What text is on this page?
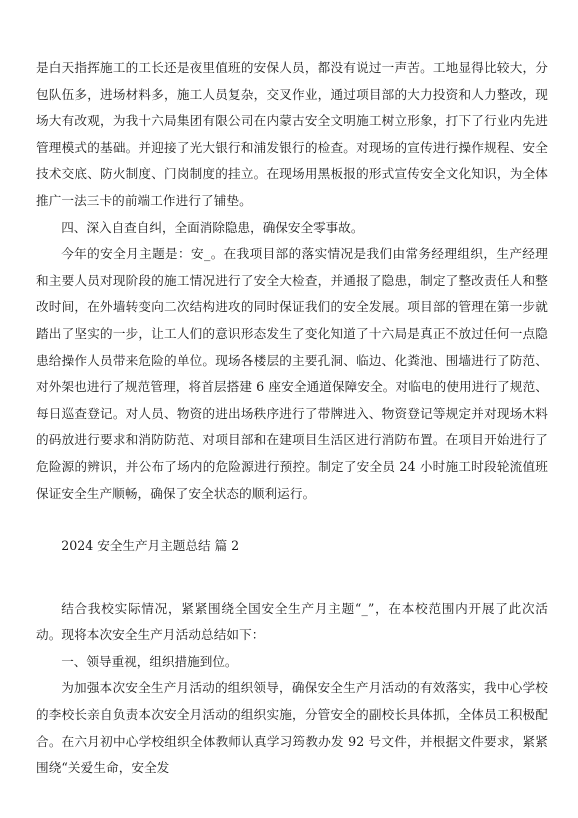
是白天指挥施工的工长还是夜里值班的安保人员，都没有说过一声苦。工地显得比较大，分包队伍多，进场材料多，施工人员复杂，交叉作业，通过项目部的大力投资和人力整改，现场大有改观，为我十六局集团有限公司在内蒙古安全文明施工树立形象，打下了行业内先进管理模式的基础。并迎接了光大银行和浦发银行的检查。对现场的宣传进行操作规程、安全技术交底、防火制度、门岗制度的挂立。在现场用黑板报的形式宣传安全文化知识，为全体推广一法三卡的前端工作进行了铺垫。

四、深入自查自纠，全面消除隐患，确保安全零事故。

今年的安全月主题是：安_。在我项目部的落实情况是我们由常务经理组织，生产经理和主要人员对现阶段的施工情况进行了安全大检查，并通报了隐患，制定了整改责任人和整改时间，在外墙转变向二次结构进攻的同时保证我们的安全发展。项目部的管理在第一步就踏出了坚实的一步，让工人们的意识形态发生了变化知道了十六局是真正不放过任何一点隐患给操作人员带来危险的单位。现场各楼层的主要孔洞、临边、化粪池、围墙进行了防范、对外架也进行了规范管理，将首层搭建 6 座安全通道保障安全。对临电的使用进行了规范、每日巡查登记。对人员、物资的进出场秩序进行了带牌进入、物资登记等规定并对现场木料的码放进行要求和消防防范、对项目部和在建项目生活区进行消防布置。在项目开始进行了危险源的辨识，并公布了场内的危险源进行预控。制定了安全员 24 小时施工时段轮流值班保证安全生产顺畅，确保了安全状态的顺利运行。

2024 安全生产月主题总结 篇 2

结合我校实际情况，紧紧围绕全国安全生产月主题“_”，在本校范围内开展了此次活动。现将本次安全生产月活动总结如下：

一、领导重视，组织措施到位。

为加强本次安全生产月活动的组织领导，确保安全生产月活动的有效落实，我中心学校的李校长亲自负责本次安全月活动的组织实施，分管安全的副校长具体抓，全体员工积极配合。在六月初中心学校组织全体教师认真学习筠教办发 92 号文件，并根据文件要求，紧紧围绕“关爱生命，安全发
